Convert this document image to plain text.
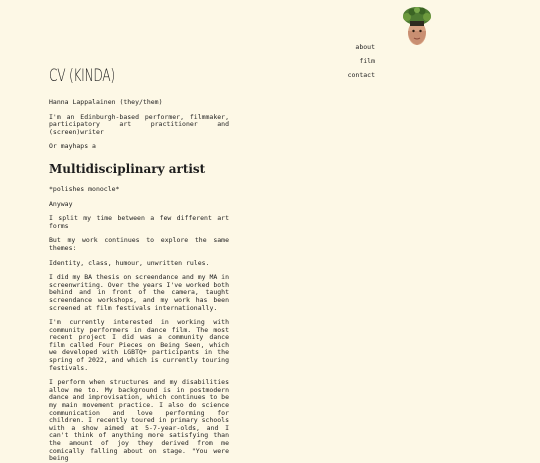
about
film
contact
CV (KINDA)

Hanna Lappalainen (they/them)

I'm an Edinburgh-based performer, filmmaker, participatory art practitioner and (screen)writer

Or mayhaps a

Multidisciplinary artist

*polishes monocle*

Anyway

I split my time between a few different art forms

But my work continues to explore the same themes:

Identity, class, humour, unwritten rules.

I did my BA thesis on screendance and my MA in screenwriting. Over the years I've worked both behind and in front of the camera, taught screendance workshops, and my work has been screened at film festivals internationally.

I'm currently interested in working with community performers in dance film. The most recent project I did was a community dance film called Four Pieces on Being Seen, which we developed with LGBTQ+ participants in the spring of 2022, and which is currently touring festivals.

I perform when structures and my disabilities allow me to. My background is in postmodern dance and improvisation, which continues to be my main movement practice. I also do science communication and love performing for children. I recently toured in primary schools with a show aimed at 5-7-year-olds, and I can't think of anything more satisfying than the amount of joy they derived from me comically falling about on stage. "You were being
